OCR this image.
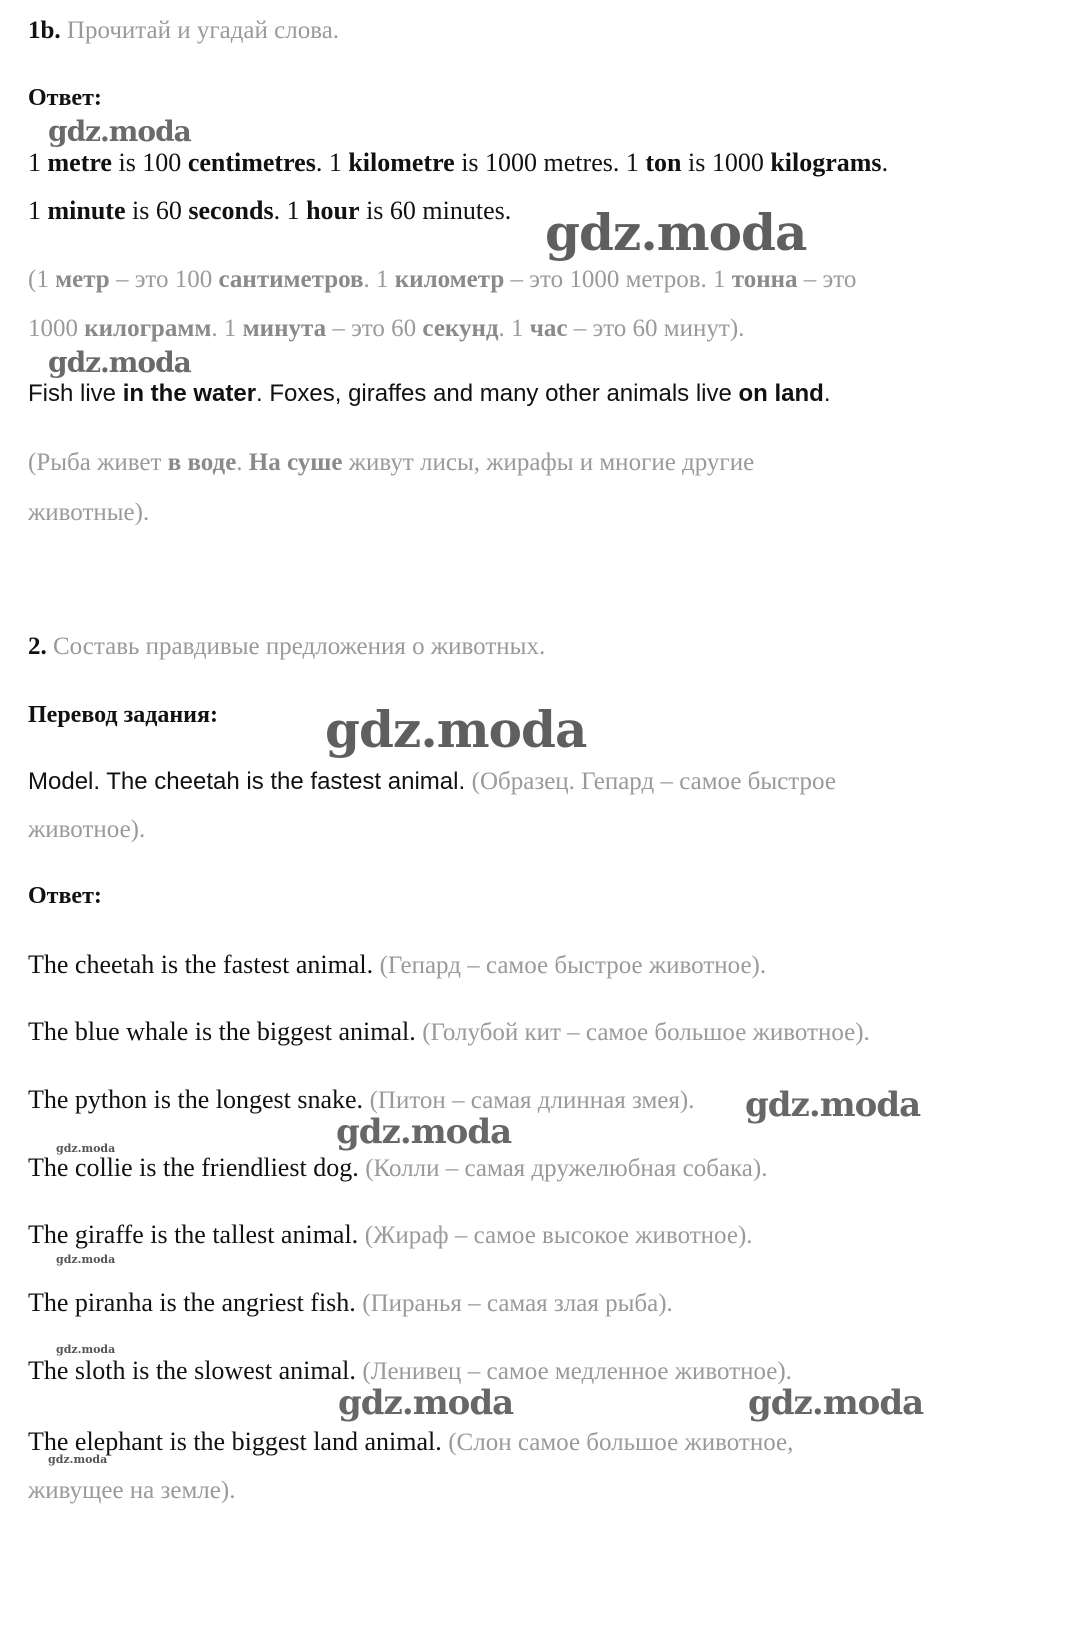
1b. Прочитай и угадай слова.
Ответ:
1 metre is 100 centimetres. 1 kilometre is 1000 metres. 1 ton is 1000 kilograms.
1 minute is 60 seconds. 1 hour is 60 minutes.
(1 метр – это 100 сантиметров. 1 километр – это 1000 метров. 1 тонна – это
1000 килограмм. 1 минута – это 60 секунд. 1 час – это 60 минут).
Fish live in the water. Foxes, giraffes and many other animals live on land.
(Рыба живет в воде. На суше живут лисы, жирафы и многие другие
животные).
2. Составь правдивые предложения о животных.
Перевод задания:
Model. The cheetah is the fastest animal. (Образец. Гепард – самое быстрое
животное).
Ответ:
The cheetah is the fastest animal. (Гепард – самое быстрое животное).
The blue whale is the biggest animal. (Голубой кит – самое большое животное).
The python is the longest snake. (Питон – самая длинная змея).
The collie is the friendliest dog. (Колли – самая дружелюбная собака).
The giraffe is the tallest animal. (Жираф – самое высокое животное).
The piranha is the angriest fish. (Пиранья – самая злая рыба).
The sloth is the slowest animal. (Ленивец – самое медленное животное).
The elephant is the biggest land animal. (Слон самое большое животное,
живущее на земле).
gdz.moda
gdz.moda
gdz.moda
gdz.moda
gdz.moda
gdz.moda
gdz.moda
gdz.moda
gdz.moda
gdz.moda	gdz.moda
gdz.moda
